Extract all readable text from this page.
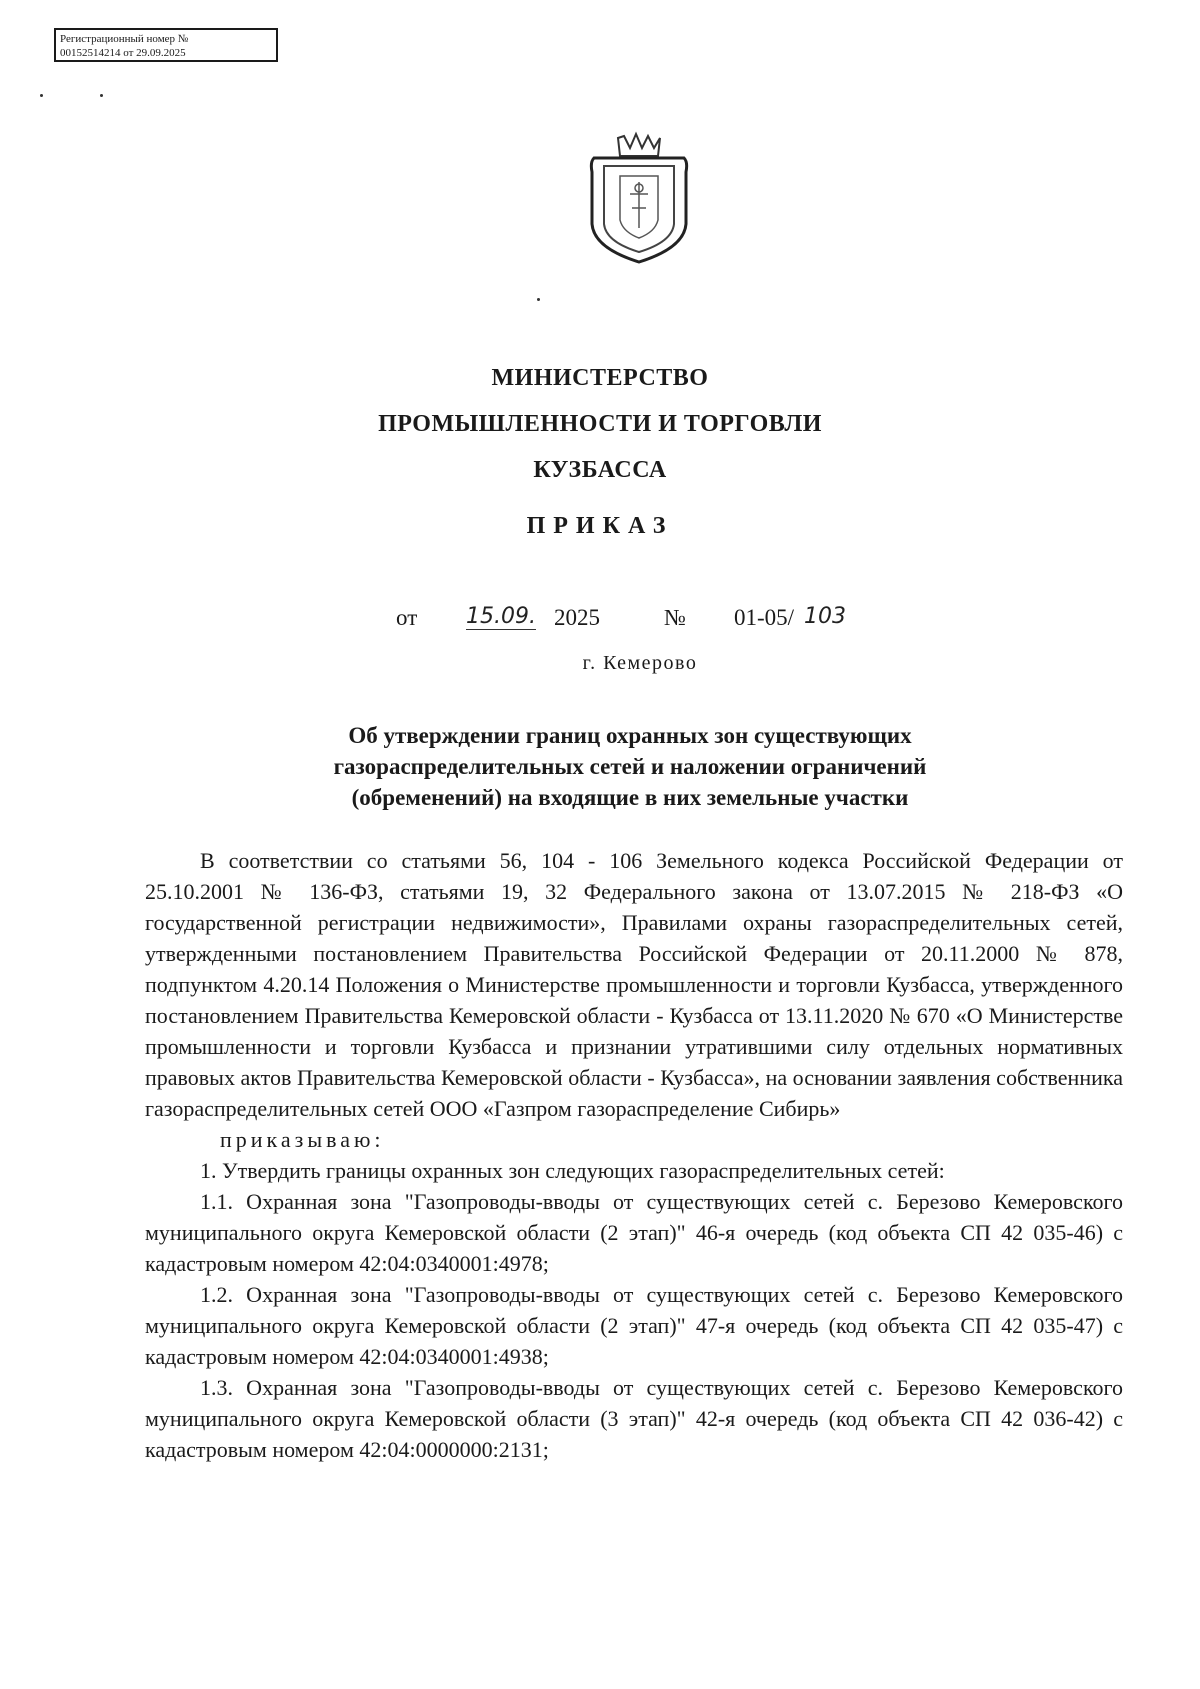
Регистрационный номер №
00152514214 от 29.09.2025
МИНИСТЕРСТВО
ПРОМЫШЛЕННОСТИ И ТОРГОВЛИ
КУЗБАССА
ПРИКАЗ
от 15.09. 2025	№ 01-05/ 103
г. Кемерово
Об утверждении границ охранных зон существующих
газораспределительных сетей и наложении ограничений
(обременений) на входящие в них земельные участки

В соответствии со статьями 56, 104 - 106 Земельного кодекса Российской Федерации от 25.10.2001 № 136-ФЗ, статьями 19, 32 Федерального закона от 13.07.2015 № 218-ФЗ «О государственной регистрации недвижимости», Правилами охраны газораспределительных сетей, утвержденными постановлением Правительства Российской Федерации от 20.11.2000 № 878, подпунктом 4.20.14 Положения о Министерстве промышленности и торговли Кузбасса, утвержденного постановлением Правительства Кемеровской области - Кузбасса от 13.11.2020 № 670 «О Министерстве промышленности и торговли Кузбасса и признании утратившими силу отдельных нормативных правовых актов Правительства Кемеровской области - Кузбасса», на основании заявления собственника газораспределительных сетей ООО «Газпром газораспределение Сибирь»

приказываю:

1. Утвердить границы охранных зон следующих газораспределительных сетей:

1.1. Охранная зона "Газопроводы-вводы от существующих сетей с. Березово Кемеровского муниципального округа Кемеровской области (2 этап)" 46-я очередь (код объекта СП 42 035-46) с кадастровым номером 42:04:0340001:4978;

1.2. Охранная зона "Газопроводы-вводы от существующих сетей с. Березово Кемеровского муниципального округа Кемеровской области (2 этап)" 47-я очередь (код объекта СП 42 035-47) с кадастровым номером 42:04:0340001:4938;

1.3. Охранная зона "Газопроводы-вводы от существующих сетей с. Березово Кемеровского муниципального округа Кемеровской области (3 этап)" 42-я очередь (код объекта СП 42 036-42) с кадастровым номером 42:04:0000000:2131;
